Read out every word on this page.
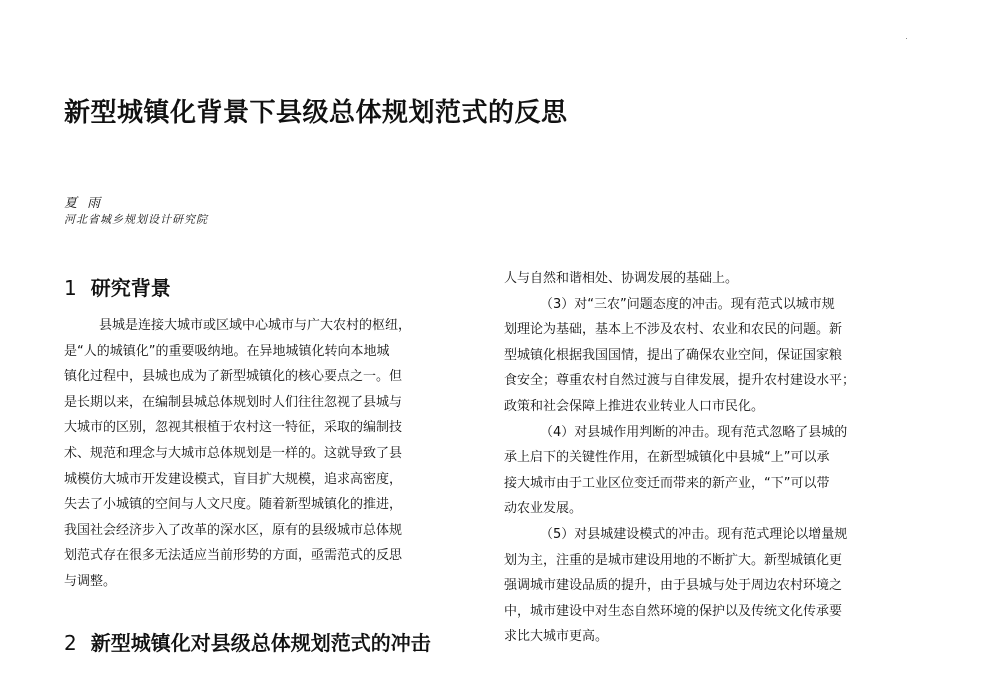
新型城镇化背景下县级总体规划范式的反思
夏 雨
河北省城乡规划设计研究院
1 研究背景
县城是连接大城市或区域中心城市与广大农村的枢纽，
是“人的城镇化”的重要吸纳地。在异地城镇化转向本地城
镇化过程中，县城也成为了新型城镇化的核心要点之一。但
是长期以来，在编制县城总体规划时人们往往忽视了县城与
大城市的区别，忽视其根植于农村这一特征，采取的编制技
术、规范和理念与大城市总体规划是一样的。这就导致了县
城模仿大城市开发建设模式，盲目扩大规模，追求高密度，
失去了小城镇的空间与人文尺度。随着新型城镇化的推进，
我国社会经济步入了改革的深水区，原有的县级城市总体规
划范式存在很多无法适应当前形势的方面，亟需范式的反思
与调整。
2 新型城镇化对县级总体规划范式的冲击
人与自然和谐相处、协调发展的基础上。
（3）对“三农”问题态度的冲击。现有范式以城市规
划理论为基础，基本上不涉及农村、农业和农民的问题。新
型城镇化根据我国国情，提出了确保农业空间，保证国家粮
食安全；尊重农村自然过渡与自律发展，提升农村建设水平；
政策和社会保障上推进农业转业人口市民化。
（4）对县城作用判断的冲击。现有范式忽略了县城的
承上启下的关键性作用，在新型城镇化中县城“上”可以承
接大城市由于工业区位变迁而带来的新产业，“下”可以带
动农业发展。
（5）对县城建设模式的冲击。现有范式理论以增量规
划为主，注重的是城市建设用地的不断扩大。新型城镇化更
强调城市建设品质的提升，由于县城与处于周边农村环境之
中，城市建设中对生态自然环境的保护以及传统文化传承要
求比大城市更高。
